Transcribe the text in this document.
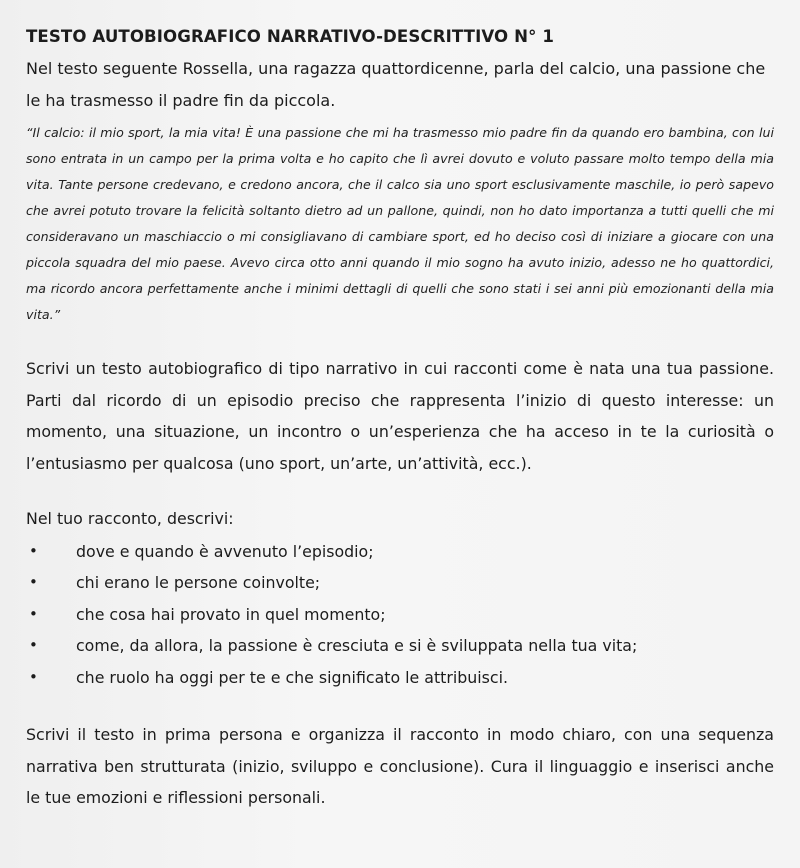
TESTO AUTOBIOGRAFICO NARRATIVO-DESCRITTIVO N° 1

Nel testo seguente Rossella, una ragazza quattordicenne, parla del calcio, una passione che le ha trasmesso il padre fin da piccola.

“Il calcio: il mio sport, la mia vita! È una passione che mi ha trasmesso mio padre fin da quando ero bambina, con lui sono entrata in un campo per la prima volta e ho capito che lì avrei dovuto e voluto passare molto tempo della mia vita. Tante persone credevano, e credono ancora, che il calco sia uno sport esclusivamente maschile, io però sapevo che avrei potuto trovare la felicità soltanto dietro ad un pallone, quindi, non ho dato importanza a tutti quelli che mi consideravano un maschiaccio o mi consigliavano di cambiare sport, ed ho deciso così di iniziare a giocare con una piccola squadra del mio paese. Avevo circa otto anni quando il mio sogno ha avuto inizio, adesso ne ho quattordici, ma ricordo ancora perfettamente anche i minimi dettagli di quelli che sono stati i sei anni più emozionanti della mia vita.”

Scrivi un testo autobiografico di tipo narrativo in cui racconti come è nata una tua passione. Parti dal ricordo di un episodio preciso che rappresenta l’inizio di questo interesse: un momento, una situazione, un incontro o un’esperienza che ha acceso in te la curiosità o l’entusiasmo per qualcosa (uno sport, un’arte, un’attività, ecc.).

Nel tuo racconto, descrivi:

• dove e quando è avvenuto l’episodio;
• chi erano le persone coinvolte;
• che cosa hai provato in quel momento;
• come, da allora, la passione è cresciuta e si è sviluppata nella tua vita;
• che ruolo ha oggi per te e che significato le attribuisci.

Scrivi il testo in prima persona e organizza il racconto in modo chiaro, con una sequenza narrativa ben strutturata (inizio, sviluppo e conclusione). Cura il linguaggio e inserisci anche le tue emozioni e riflessioni personali.
